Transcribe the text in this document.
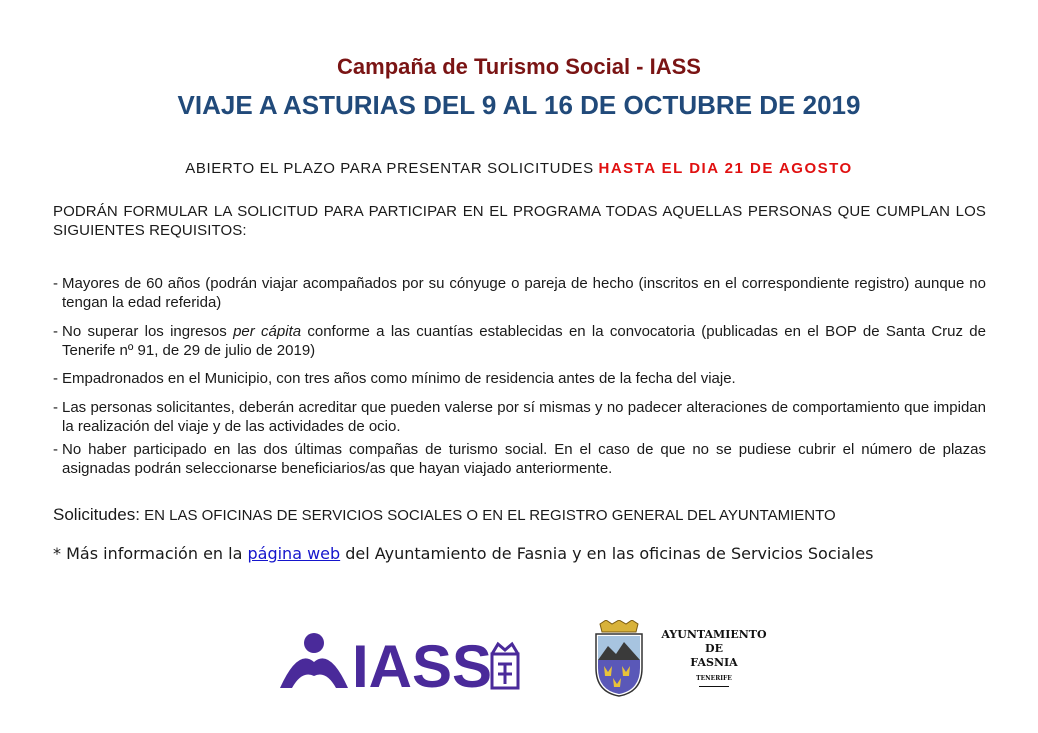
Campaña de Turismo Social - IASS
VIAJE A ASTURIAS DEL 9 AL 16 DE OCTUBRE DE 2019
ABIERTO EL PLAZO PARA PRESENTAR SOLICITUDES HASTA EL DIA 21 DE AGOSTO
PODRÁN FORMULAR LA SOLICITUD PARA PARTICIPAR EN EL PROGRAMA TODAS AQUELLAS PERSONAS QUE CUMPLAN LOS SIGUIENTES REQUISITOS:
- Mayores de 60 años (podrán viajar acompañados por su cónyuge o pareja de hecho (inscritos en el correspondiente registro) aunque no tengan la edad referida)
- No superar los ingresos per cápita conforme a las cuantías establecidas en la convocatoria (publicadas en el BOP de Santa Cruz de Tenerife nº 91, de 29 de julio de 2019)
- Empadronados en el Municipio, con tres años como mínimo de residencia antes de la fecha del viaje.
- Las personas solicitantes, deberán acreditar que pueden valerse por sí mismas y no padecer alteraciones de comportamiento que impidan la realización del viaje y de las actividades de ocio.
- No haber participado en las dos últimas compañas de turismo social. En el caso de que no se pudiese cubrir el número de plazas asignadas podrán seleccionarse beneficiarios/as que hayan viajado anteriormente.
Solicitudes: EN LAS OFICINAS DE SERVICIOS SOCIALES O EN EL REGISTRO GENERAL DEL AYUNTAMIENTO
* Más información en la página web del Ayuntamiento de Fasnia y en las oficinas de Servicios Sociales
IASS	AYUNTAMIENTO
DE
FASNIA
TENERIFE
